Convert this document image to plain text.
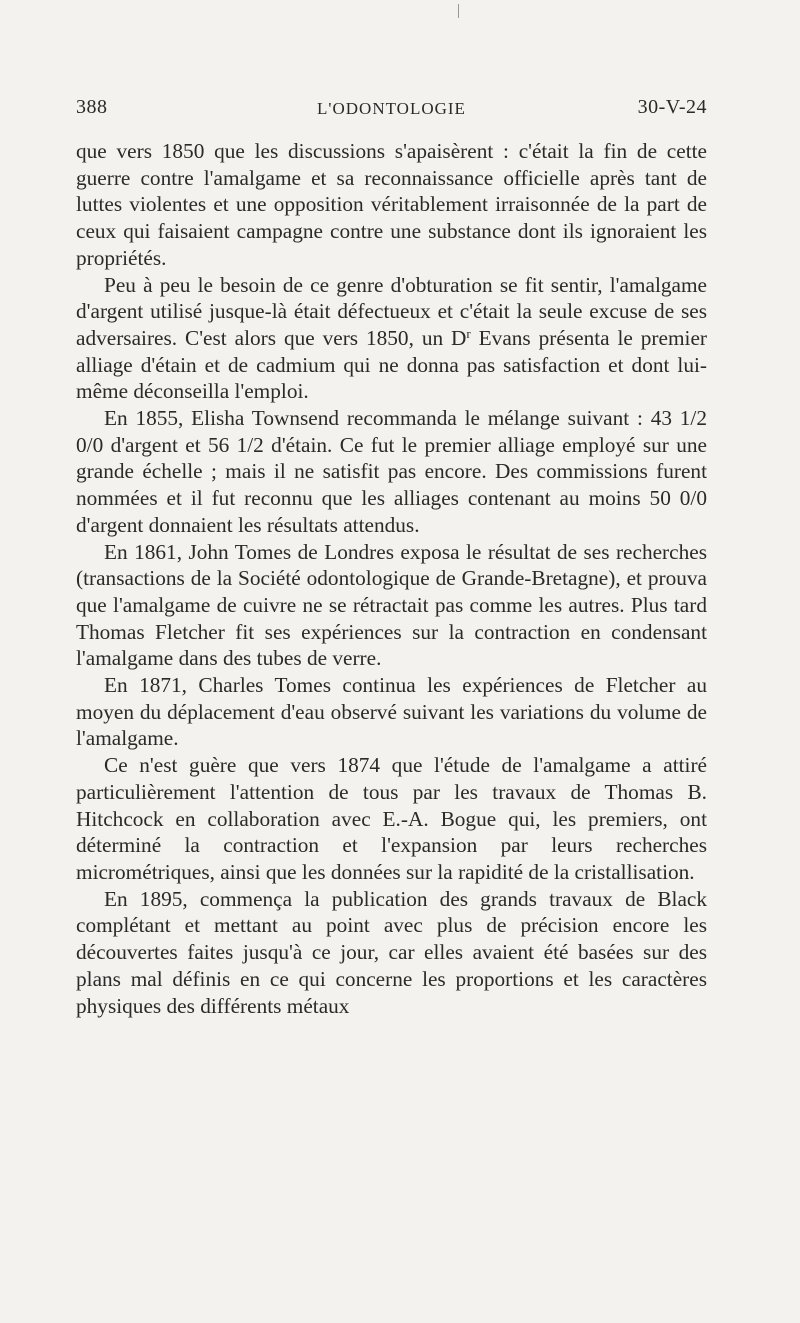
388	L'ODONTOLOGIE	30-V-24

que vers 1850 que les discussions s'apaisèrent : c'était la fin de cette guerre contre l'amalgame et sa reconnaissance officielle après tant de luttes violentes et une opposition véritablement irraisonnée de la part de ceux qui faisaient campagne contre une substance dont ils ignoraient les propriétés.

Peu à peu le besoin de ce genre d'obturation se fit sentir, l'amalgame d'argent utilisé jusque-là était défectueux et c'était la seule excuse de ses adversaires. C'est alors que vers 1850, un $D^r$ Evans présenta le premier alliage d'étain et de cadmium qui ne donna pas satisfaction et dont lui-même déconseilla l'emploi.

En 1855, Elisha Townsend recommanda le mélange suivant : 43 1/2 0/0 d'argent et 56 1/2 d'étain. Ce fut le premier alliage employé sur une grande échelle ; mais il ne satisfit pas encore. Des commissions furent nommées et il fut reconnu que les alliages contenant au moins 50 0/0 d'argent donnaient les résultats attendus.

En 1861, John Tomes de Londres exposa le résultat de ses recherches (transactions de la Société odontologique de Grande-Bretagne), et prouva que l'amalgame de cuivre ne se rétractait pas comme les autres. Plus tard Thomas Fletcher fit ses expériences sur la contraction en condensant l'amalgame dans des tubes de verre.

En 1871, Charles Tomes continua les expériences de Fletcher au moyen du déplacement d'eau observé suivant les variations du volume de l'amalgame.

Ce n'est guère que vers 1874 que l'étude de l'amalgame a attiré particulièrement l'attention de tous par les travaux de Thomas B. Hitchcock en collaboration avec E.-A. Bogue qui, les premiers, ont déterminé la contraction et l'expansion par leurs recherches micrométriques, ainsi que les données sur la rapidité de la cristallisation.

En 1895, commença la publication des grands travaux de Black complétant et mettant au point avec plus de précision encore les découvertes faites jusqu'à ce jour, car elles avaient été basées sur des plans mal définis en ce qui concerne les proportions et les caractères physiques des différents métaux
